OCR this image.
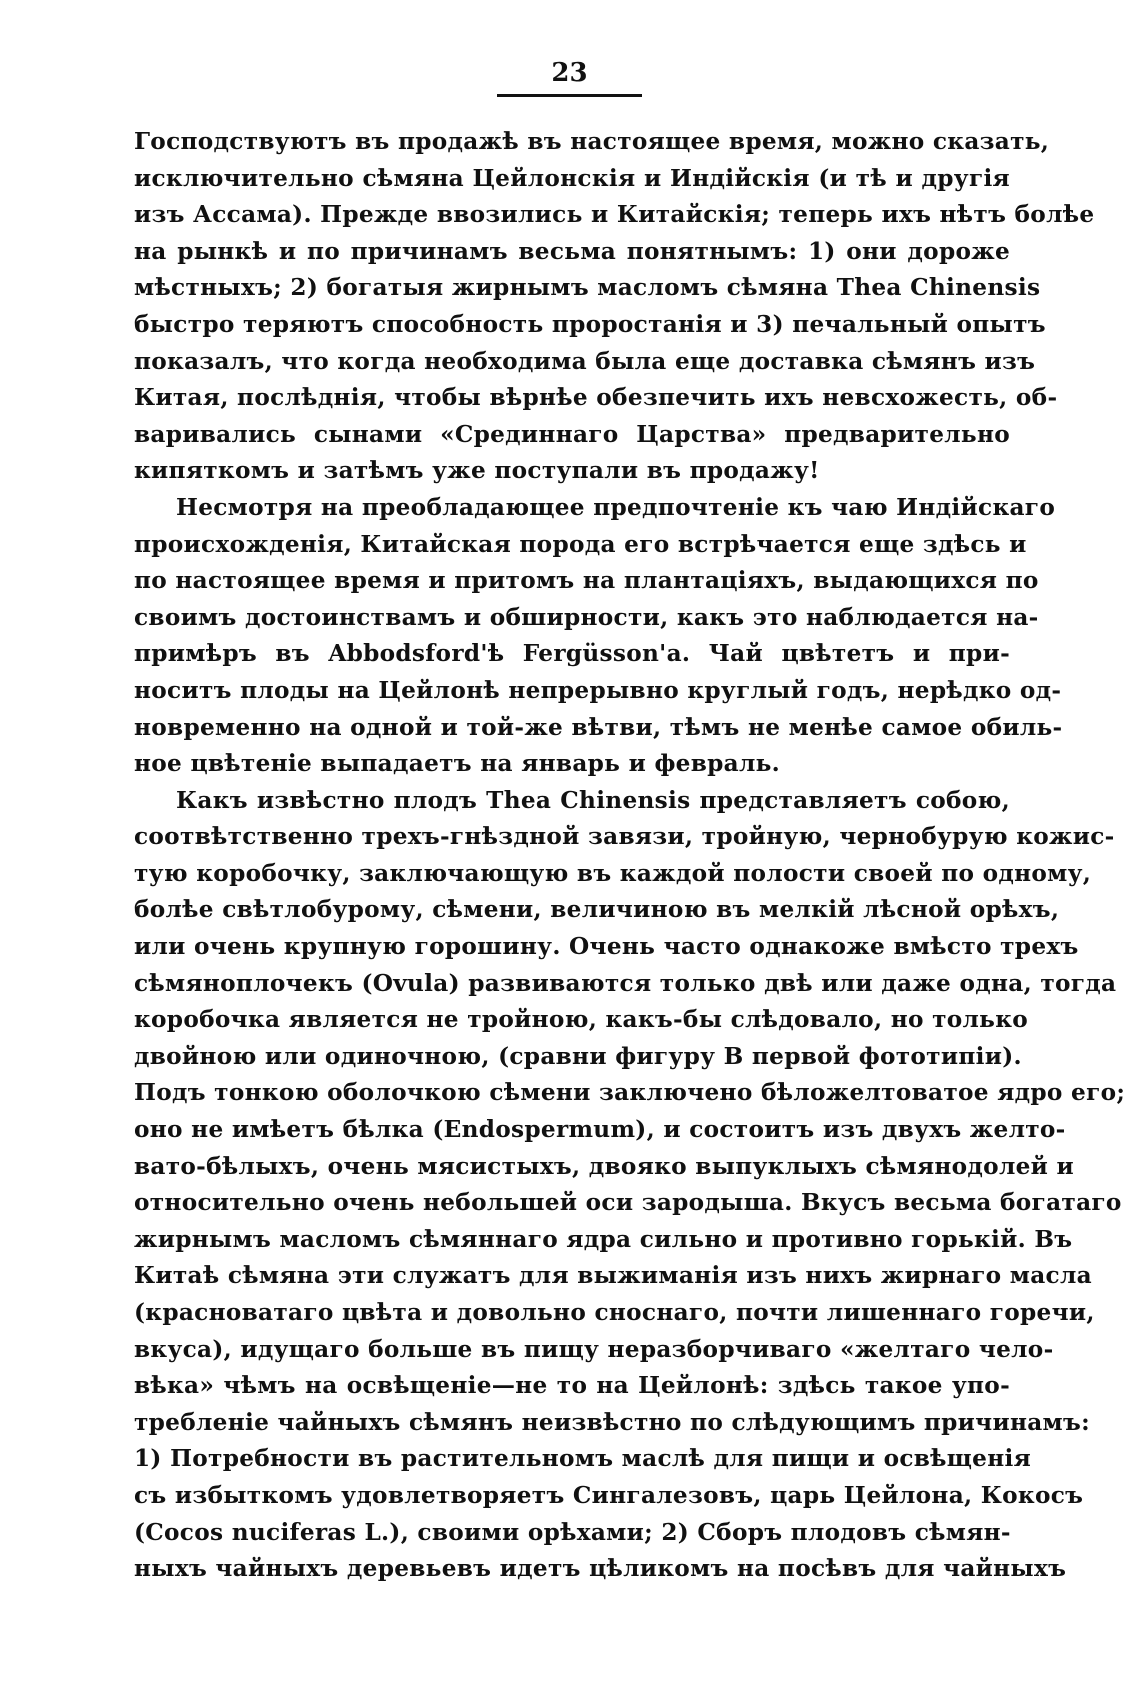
23
Господствуютъ въ продажѣ въ настоящее время, можно сказать,
исключительно сѣмяна Цейлонскія и Индійскія (и тѣ и другія
изъ Ассама). Прежде ввозились и Китайскія; теперь ихъ нѣтъ болѣе
на рынкѣ и по причинамъ весьма понятнымъ: 1) они дороже
мѣстныхъ; 2) богатыя жирнымъ масломъ сѣмяна Thea Chinensis
быстро теряютъ способность проростанія и 3) печальный опытъ
показалъ, что когда необходима была еще доставка сѣмянъ изъ
Китая, послѣднія, чтобы вѣрнѣе обезпечить ихъ невсхожесть, об-
варивались сынами «Срединнаго Царства» предварительно
кипяткомъ и затѣмъ уже поступали въ продажу!
Несмотря на преобладающее предпочтеніе къ чаю Индійскаго
происхожденія, Китайская порода его встрѣчается еще здѣсь и
по настоящее время и притомъ на плантаціяхъ, выдающихся по
своимъ достоинствамъ и обширности, какъ это наблюдается на-
примѣръ въ Abbodsford'ѣ Fergüsson'а. Чай цвѣтетъ и при-
носитъ плоды на Цейлонѣ непрерывно круглый годъ, нерѣдко од-
новременно на одной и той-же вѣтви, тѣмъ не менѣе самое обиль-
ное цвѣтеніе выпадаетъ на январь и февраль.
Какъ извѣстно плодъ Thea Chinensis представляетъ собою,
соотвѣтственно трехъ-гнѣздной завязи, тройную, чернобурую кожис-
тую коробочку, заключающую въ каждой полости своей по одному,
болѣе свѣтлобурому, сѣмени, величиною въ мелкій лѣсной орѣхъ,
или очень крупную горошину. Очень часто однакоже вмѣсто трехъ
сѣмяноплочекъ (Ovula) развиваются только двѣ или даже одна, тогда
коробочка является не тройною, какъ-бы слѣдовало, но только
двойною или одиночною, (сравни фигуру В первой фототипіи).
Подъ тонкою оболочкою сѣмени заключено бѣложелтоватое ядро его;
оно не имѣетъ бѣлка (Endospermum), и состоитъ изъ двухъ желто-
вато-бѣлыхъ, очень мясистыхъ, двояко выпуклыхъ сѣмянодолей и
относительно очень небольшей оси зародыша. Вкусъ весьма богатаго
жирнымъ масломъ сѣмяннаго ядра сильно и противно горькій. Въ
Китаѣ сѣмяна эти служатъ для выжиманія изъ нихъ жирнаго масла
(красноватаго цвѣта и довольно сноснаго, почти лишеннаго горечи,
вкуса), идущаго больше въ пищу неразборчиваго «желтаго чело-
вѣка» чѣмъ на освѣщеніе—не то на Цейлонѣ: здѣсь такое упо-
требленіе чайныхъ сѣмянъ неизвѣстно по слѣдующимъ причинамъ:
1) Потребности въ растительномъ маслѣ для пищи и освѣщенія
съ избыткомъ удовлетворяетъ Сингалезовъ, царь Цейлона, Кокосъ
(Cocos nuciferas L.), своими орѣхами; 2) Сборъ плодовъ сѣмян-
ныхъ чайныхъ деревьевъ идетъ цѣликомъ на посѣвъ для чайныхъ
